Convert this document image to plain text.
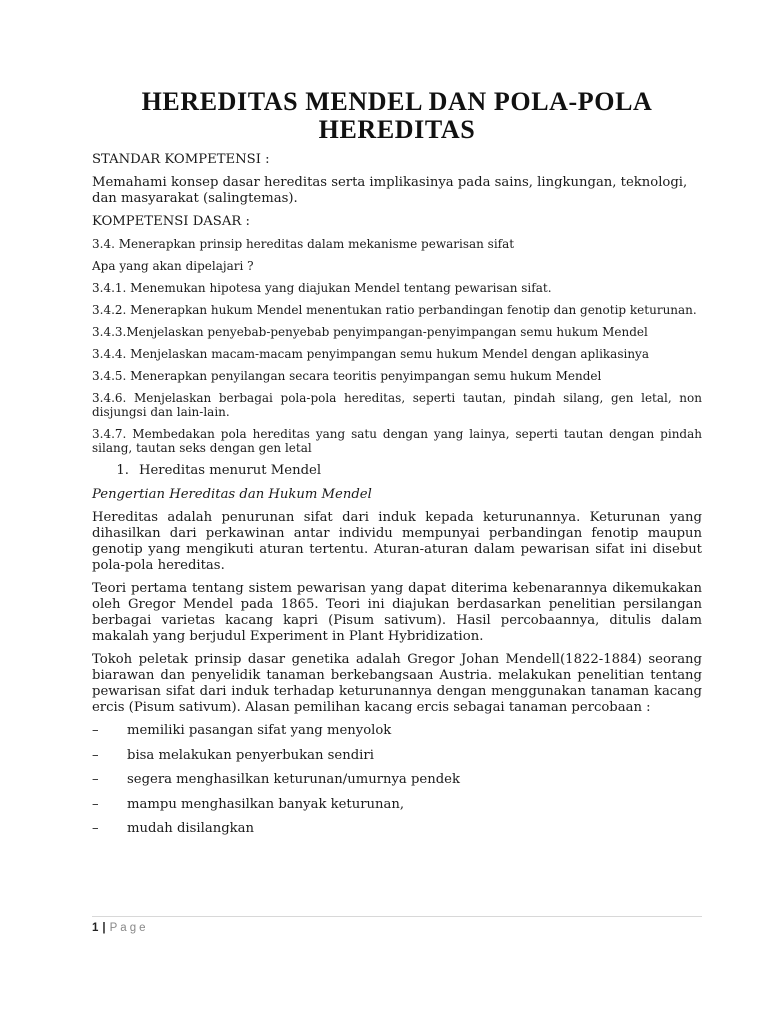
HEREDITAS MENDEL DAN POLA-POLA
HEREDITAS

STANDAR KOMPETENSI :

Memahami konsep dasar hereditas serta implikasinya pada sains, lingkungan, teknologi, dan masyarakat (salingtemas).

KOMPETENSI DASAR :

3.4. Menerapkan prinsip hereditas dalam mekanisme pewarisan sifat

Apa yang akan dipelajari ?

3.4.1. Menemukan hipotesa yang diajukan Mendel tentang pewarisan sifat.

3.4.2. Menerapkan hukum Mendel menentukan ratio perbandingan fenotip dan genotip keturunan.

3.4.3.Menjelaskan penyebab-penyebab penyimpangan-penyimpangan semu hukum Mendel

3.4.4. Menjelaskan macam-macam penyimpangan semu hukum Mendel dengan aplikasinya

3.4.5. Menerapkan penyilangan secara teoritis penyimpangan semu hukum Mendel

3.4.6. Menjelaskan berbagai pola-pola hereditas, seperti tautan, pindah silang, gen letal, non disjungsi dan lain-lain.

3.4.7. Membedakan pola hereditas yang satu dengan yang lainya, seperti tautan dengan pindah silang, tautan seks dengan gen letal

1. Hereditas menurut Mendel

Pengertian Hereditas dan Hukum Mendel

Hereditas adalah penurunan sifat dari induk kepada keturunannya. Keturunan yang dihasilkan dari perkawinan antar individu mempunyai perbandingan fenotip maupun genotip yang mengikuti aturan tertentu. Aturan-aturan dalam pewarisan sifat ini disebut pola-pola hereditas.

Teori pertama tentang sistem pewarisan yang dapat diterima kebenarannya dikemukakan oleh Gregor Mendel pada 1865. Teori ini diajukan berdasarkan penelitian persilangan berbagai varietas kacang kapri (Pisum sativum). Hasil percobaannya, ditulis dalam makalah yang berjudul Experiment in Plant Hybridization.

Tokoh peletak prinsip dasar genetika adalah Gregor Johan Mendell(1822-1884) seorang biarawan dan penyelidik tanaman berkebangsaan Austria. melakukan penelitian tentang pewarisan sifat dari induk terhadap keturunannya dengan menggunakan tanaman kacang ercis (Pisum sativum). Alasan pemilihan kacang ercis sebagai tanaman percobaan :

–	memiliki pasangan sifat yang menyolok
–	bisa melakukan penyerbukan sendiri
–	segera menghasilkan keturunan/umurnya pendek
–	mampu menghasilkan banyak keturunan,
–	mudah disilangkan
1 | Page
